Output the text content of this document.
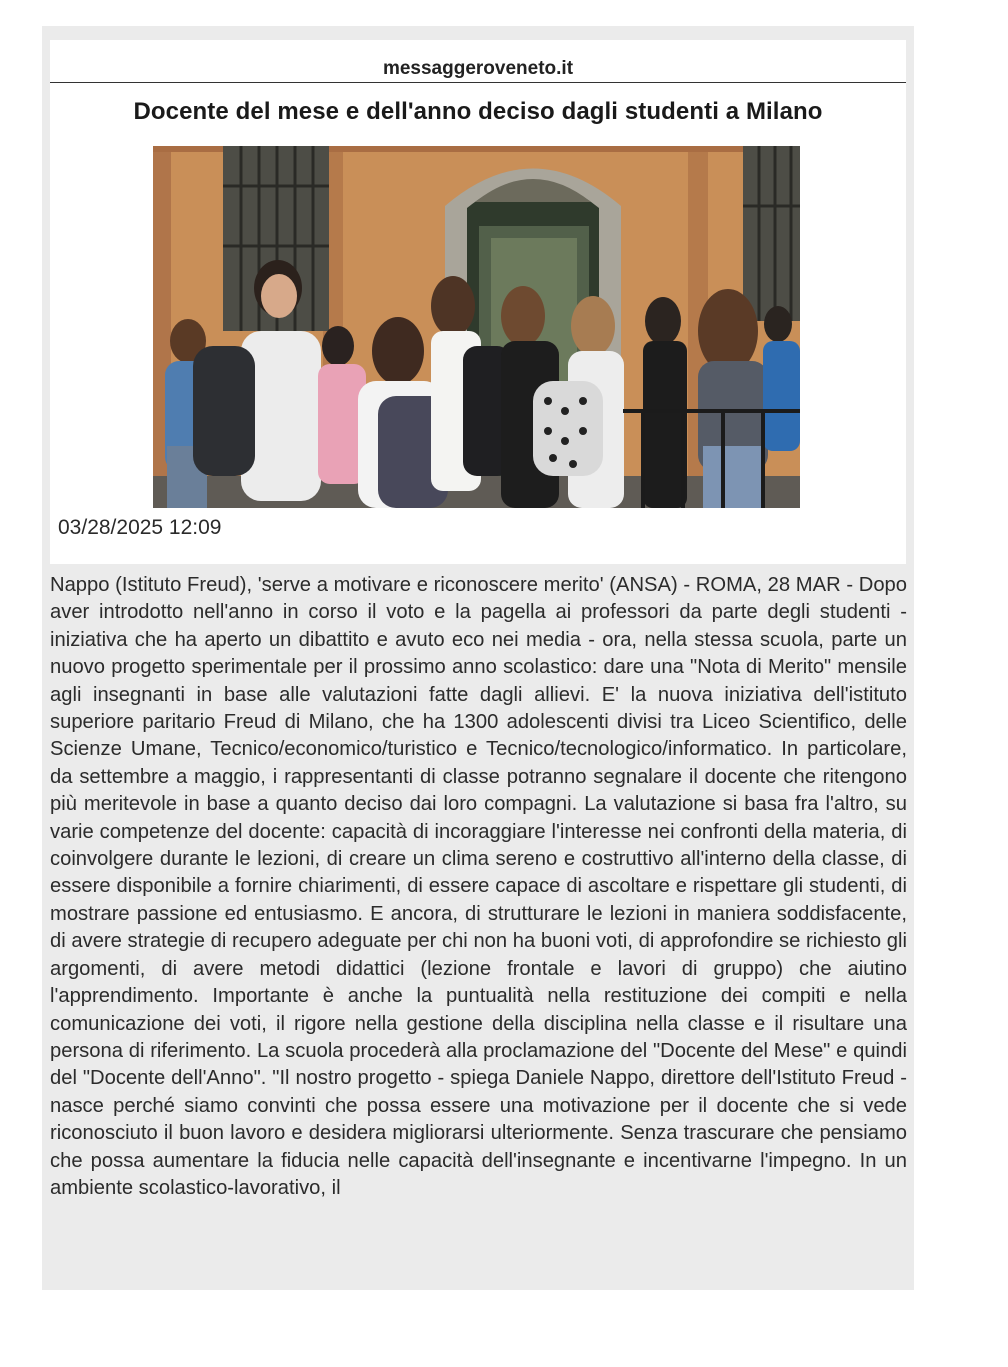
messaggeroveneto.it
Docente del mese e dell'anno deciso dagli studenti a Milano
03/28/2025 12:09

Nappo (Istituto Freud), 'serve a motivare e riconoscere merito' (ANSA) - ROMA, 28 MAR - Dopo aver introdotto nell'anno in corso il voto e la pagella ai professori da parte degli studenti - iniziativa che ha aperto un dibattito e avuto eco nei media - ora, nella stessa scuola, parte un nuovo progetto sperimentale per il prossimo anno scolastico: dare una "Nota di Merito" mensile agli insegnanti in base alle valutazioni fatte dagli allievi. E' la nuova iniziativa dell'istituto superiore paritario Freud di Milano, che ha 1300 adolescenti divisi tra Liceo Scientifico, delle Scienze Umane, Tecnico/economico/turistico e Tecnico/tecnologico/informatico. In particolare, da settembre a maggio, i rappresentanti di classe potranno segnalare il docente che ritengono più meritevole in base a quanto deciso dai loro compagni. La valutazione si basa fra l'altro, su varie competenze del docente: capacità di incoraggiare l'interesse nei confronti della materia, di coinvolgere durante le lezioni, di creare un clima sereno e costruttivo all'interno della classe, di essere disponibile a fornire chiarimenti, di essere capace di ascoltare e rispettare gli studenti, di mostrare passione ed entusiasmo. E ancora, di strutturare le lezioni in maniera soddisfacente, di avere strategie di recupero adeguate per chi non ha buoni voti, di approfondire se richiesto gli argomenti, di avere metodi didattici (lezione frontale e lavori di gruppo) che aiutino l'apprendimento. Importante è anche la puntualità nella restituzione dei compiti e nella comunicazione dei voti, il rigore nella gestione della disciplina nella classe e il risultare una persona di riferimento. La scuola procederà alla proclamazione del "Docente del Mese" e quindi del "Docente dell'Anno". "Il nostro progetto - spiega Daniele Nappo, direttore dell'Istituto Freud - nasce perché siamo convinti che possa essere una motivazione per il docente che si vede riconosciuto il buon lavoro e desidera migliorarsi ulteriormente. Senza trascurare che pensiamo che possa aumentare la fiducia nelle capacità dell'insegnante e incentivarne l'impegno. In un ambiente scolastico-lavorativo, il
